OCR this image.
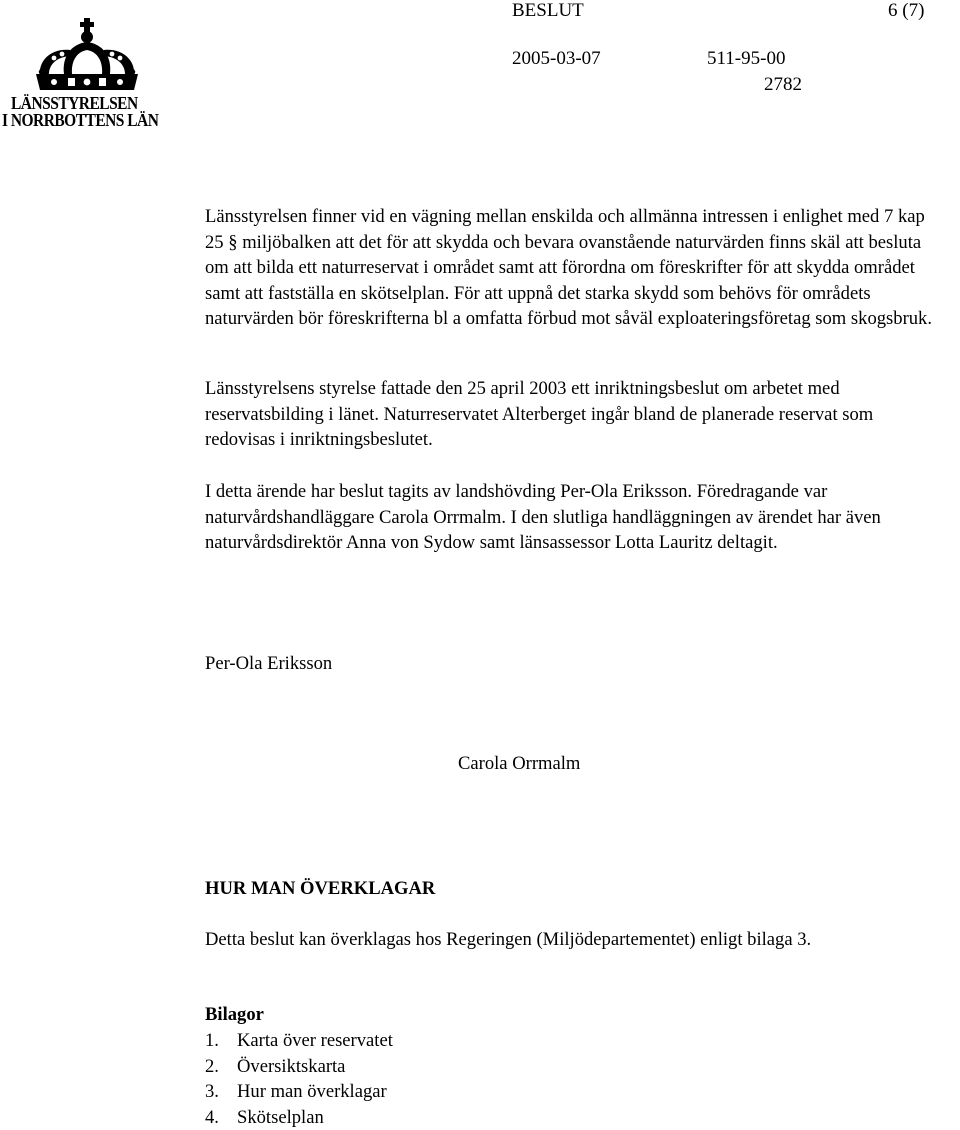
BESLUT	6 (7)
2005-03-07	511-95-00
2782
LÄNSSTYRELSEN
I NORRBOTTENS LÄN

Länsstyrelsen finner vid en vägning mellan enskilda och allmänna intressen i enlighet med 7 kap 25 § miljöbalken att det för att skydda och bevara ovanstående naturvärden finns skäl att besluta om att bilda ett naturreservat i området samt att förordna om föreskrifter för att skydda området samt att fastställa en skötselplan. För att uppnå det starka skydd som behövs för områdets naturvärden bör föreskrifterna bl a omfatta förbud mot såväl exploateringsföretag som skogsbruk.

Länsstyrelsens styrelse fattade den 25 april 2003 ett inriktningsbeslut om arbetet med reservatsbilding i länet. Naturreservatet Alterberget ingår bland de planerade reservat som redovisas i inriktningsbeslutet.

I detta ärende har beslut tagits av landshövding Per-Ola Eriksson. Föredragande var naturvårdshandläggare Carola Orrmalm. I den slutliga handläggningen av ärendet har även naturvårdsdirektör Anna von Sydow samt länsassessor Lotta Lauritz deltagit.

Per-Ola Eriksson
Carola Orrmalm
HUR MAN ÖVERKLAGAR
Detta beslut kan överklagas hos Regeringen (Miljödepartementet) enligt bilaga 3.
Bilagor
1. Karta över reservatet
2. Översiktskarta
3. Hur man överklagar
4. Skötselplan
